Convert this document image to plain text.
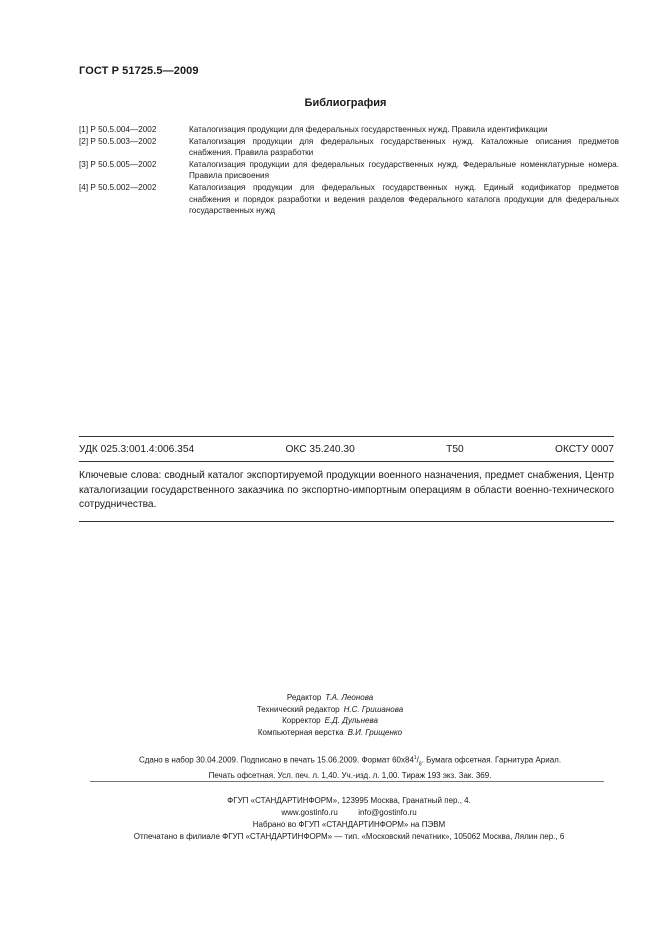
ГОСТ Р 51725.5—2009
Библиография
[1] Р 50.5.004—2002	Каталогизация продукции для федеральных государственных нужд. Правила идентификации
[2] Р 50.5.003—2002	Каталогизация продукции для федеральных государственных нужд. Каталожные описания предметов снабжения. Правила разработки
[3] Р 50.5.005—2002	Каталогизация продукции для федеральных государственных нужд. Федеральные номенклатурные номера. Правила присвоения
[4] Р 50.5.002—2002	Каталогизация продукции для федеральных государственных нужд. Единый кодификатор предметов снабжения и порядок разработки и ведения разделов Федерального каталога продукции для федеральных государственных нужд
УДК 025.3:001.4:006.354	ОКС 35.240.30	Т50	ОКСТУ 0007
Ключевые слова: сводный каталог экспортируемой продукции военного назначения, предмет снабжения, Центр каталогизации государственного заказчика по экспортно-импортным операциям в области военно-технического сотрудничества.
Редактор Т.А. Леонова
Технический редактор Н.С. Гришанова
Корректор Е.Д. Дульнева
Компьютерная верстка В.И. Грищенко
Сдано в набор 30.04.2009. Подписано в печать 15.06.2009. Формат $60x84^1/_8$. Бумага офсетная. Гарнитура Ариал.
Печать офсетная. Усл. печ. л. 1,40. Уч.-изд. л. 1,00. Тираж 193 экз. Зак. 369.
ФГУП «СТАНДАРТИНФОРМ», 123995 Москва, Гранатный пер., 4.
www.gostinfo.ru	info@gostinfo.ru
Набрано во ФГУП «СТАНДАРТИНФОРМ» на ПЭВМ
Отпечатано в филиале ФГУП «СТАНДАРТИНФОРМ» — тип. «Московский печатник», 105062 Москва, Лялин пер., 6
